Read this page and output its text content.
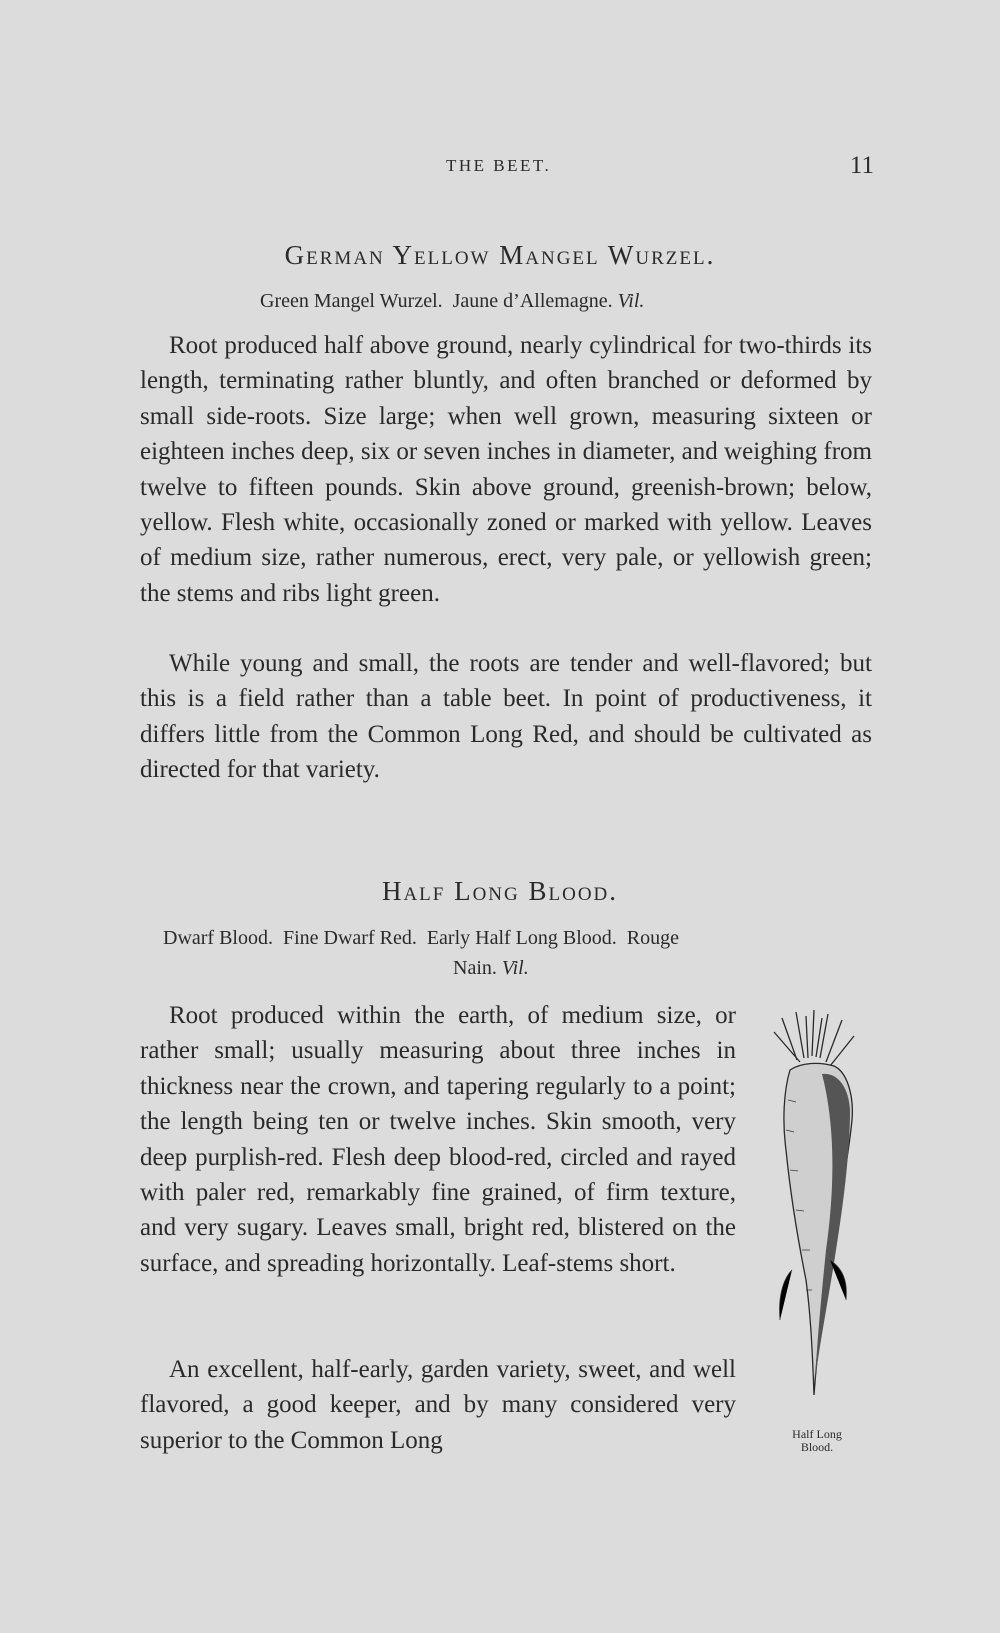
THE BEET.	11
German Yellow Mangel Wurzel.
Green Mangel Wurzel.  Jaune d’Allemagne. Vil.

Root produced half above ground, nearly cylindrical for two-thirds its length, terminating rather bluntly, and often branched or deformed by small side-roots. Size large; when well grown, measuring sixteen or eighteen inches deep, six or seven inches in diameter, and weighing from twelve to fifteen pounds. Skin above ground, greenish-brown; below, yellow. Flesh white, occasionally zoned or marked with yellow. Leaves of medium size, rather numerous, erect, very pale, or yellowish green; the stems and ribs light green.

While young and small, the roots are tender and well-flavored; but this is a field rather than a table beet. In point of productiveness, it differs little from the Common Long Red, and should be cultivated as directed for that variety.

Half Long Blood.
Dwarf Blood.  Fine Dwarf Red.  Early Half Long Blood.  Rouge
Nain. Vil.

Root produced within the earth, of medium size, or rather small; usually measuring about three inches in thickness near the crown, and tapering regularly to a point; the length being ten or twelve inches. Skin smooth, very deep purplish-red. Flesh deep blood-red, circled and rayed with paler red, remarkably fine grained, of firm texture, and very sugary. Leaves small, bright red, blistered on the surface, and spreading horizontally. Leaf-stems short.

An excellent, half-early, garden variety, sweet, and well flavored, a good keeper, and by many considered very superior to the Common Long	Half Long
Blood.
